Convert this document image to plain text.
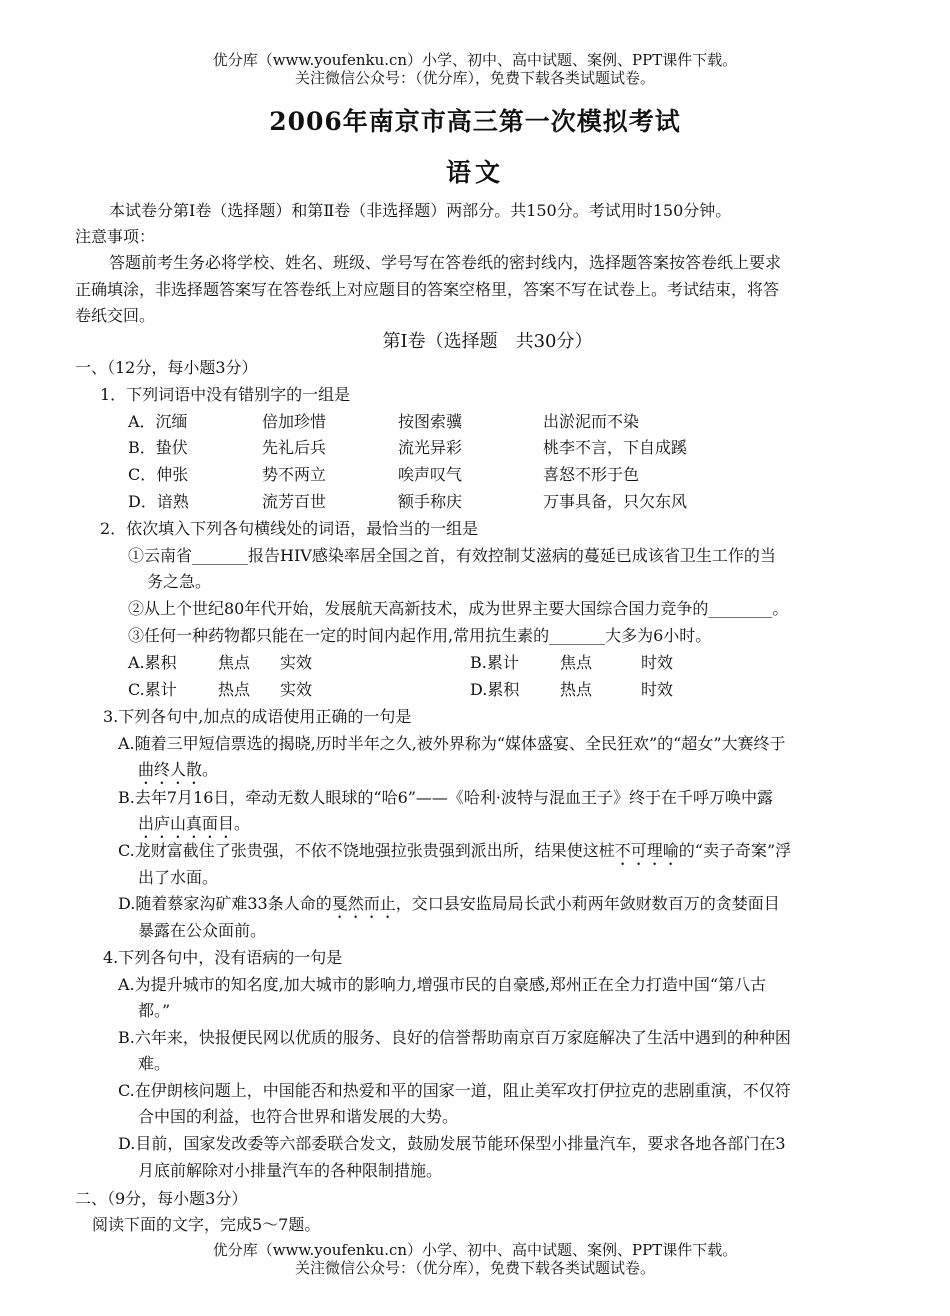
优分库（www.youfenku.cn）小学、初中、高中试题、案例、PPT课件下载。
关注微信公众号：（优分库），免费下载各类试题试卷。
2006年南京市高三第一次模拟考试
语文
本试卷分第Ⅰ卷（选择题）和第Ⅱ卷（非选择题）两部分。共150分。考试用时150分钟。
注意事项：
答题前考生务必将学校、姓名、班级、学号写在答卷纸的密封线内，选择题答案按答卷纸上要求
正确填涂，非选择题答案写在答卷纸上对应题目的答案空格里，答案不写在试卷上。考试结束，将答
卷纸交回。
第Ⅰ卷（选择题　共30分）
一、（12分，每小题3分）
1．下列词语中没有错别字的一组是
A．沉缅	倍加珍惜	按图索骥	出淤泥而不染
B．蛰伏	先礼后兵	流光异彩	桃李不言，下自成蹊
C．伸张	势不两立	唉声叹气	喜怒不形于色
D．谙熟	流芳百世	额手称庆	万事具备，只欠东风
2．依次填入下列各句横线处的词语，最恰当的一组是
①云南省_______报告HIV感染率居全国之首，有效控制艾滋病的蔓延已成该省卫生工作的当
务之急。
②从上个世纪80年代开始，发展航天高新技术，成为世界主要大国综合国力竞争的________。
③任何一种药物都只能在一定的时间内起作用,常用抗生素的_______大多为6小时。
A.累积	焦点 实效	B.累计	焦点	时效
C.累计	热点 实效	D.累积	热点	时效
3.下列各句中,加点的成语使用正确的一句是
A.随着三甲短信票选的揭晓,历时半年之久,被外界称为“媒体盛宴、全民狂欢”的“超女”大赛终于
曲终人散。
B.去年7月16日，牵动无数人眼球的“哈6”——《哈利·波特与混血王子》终于在千呼万唤中露
出庐山真面目。
C.龙财富截住了张贵强，不依不饶地强拉张贵强到派出所，结果使这桩不可理喻的“卖子奇案”浮
出了水面。
D.随着蔡家沟矿难33条人命的戛然而止，交口县安监局局长武小莉两年敛财数百万的贪婪面目
暴露在公众面前。
4.下列各句中，没有语病的一句是
A.为提升城市的知名度,加大城市的影响力,增强市民的自豪感,郑州正在全力打造中国“第八古
都。”
B.六年来，快报便民网以优质的服务、良好的信誉帮助南京百万家庭解决了生活中遇到的种种困
难。
C.在伊朗核问题上，中国能否和热爱和平的国家一道，阻止美军攻打伊拉克的悲剧重演，不仅符
合中国的利益，也符合世界和谐发展的大势。
D.目前，国家发改委等六部委联合发文，鼓励发展节能环保型小排量汽车，要求各地各部门在3
月底前解除对小排量汽车的各种限制措施。
二、（9分，每小题3分）
阅读下面的文字，完成5～7题。
优分库（www.youfenku.cn）小学、初中、高中试题、案例、PPT课件下载。
关注微信公众号：（优分库），免费下载各类试题试卷。
